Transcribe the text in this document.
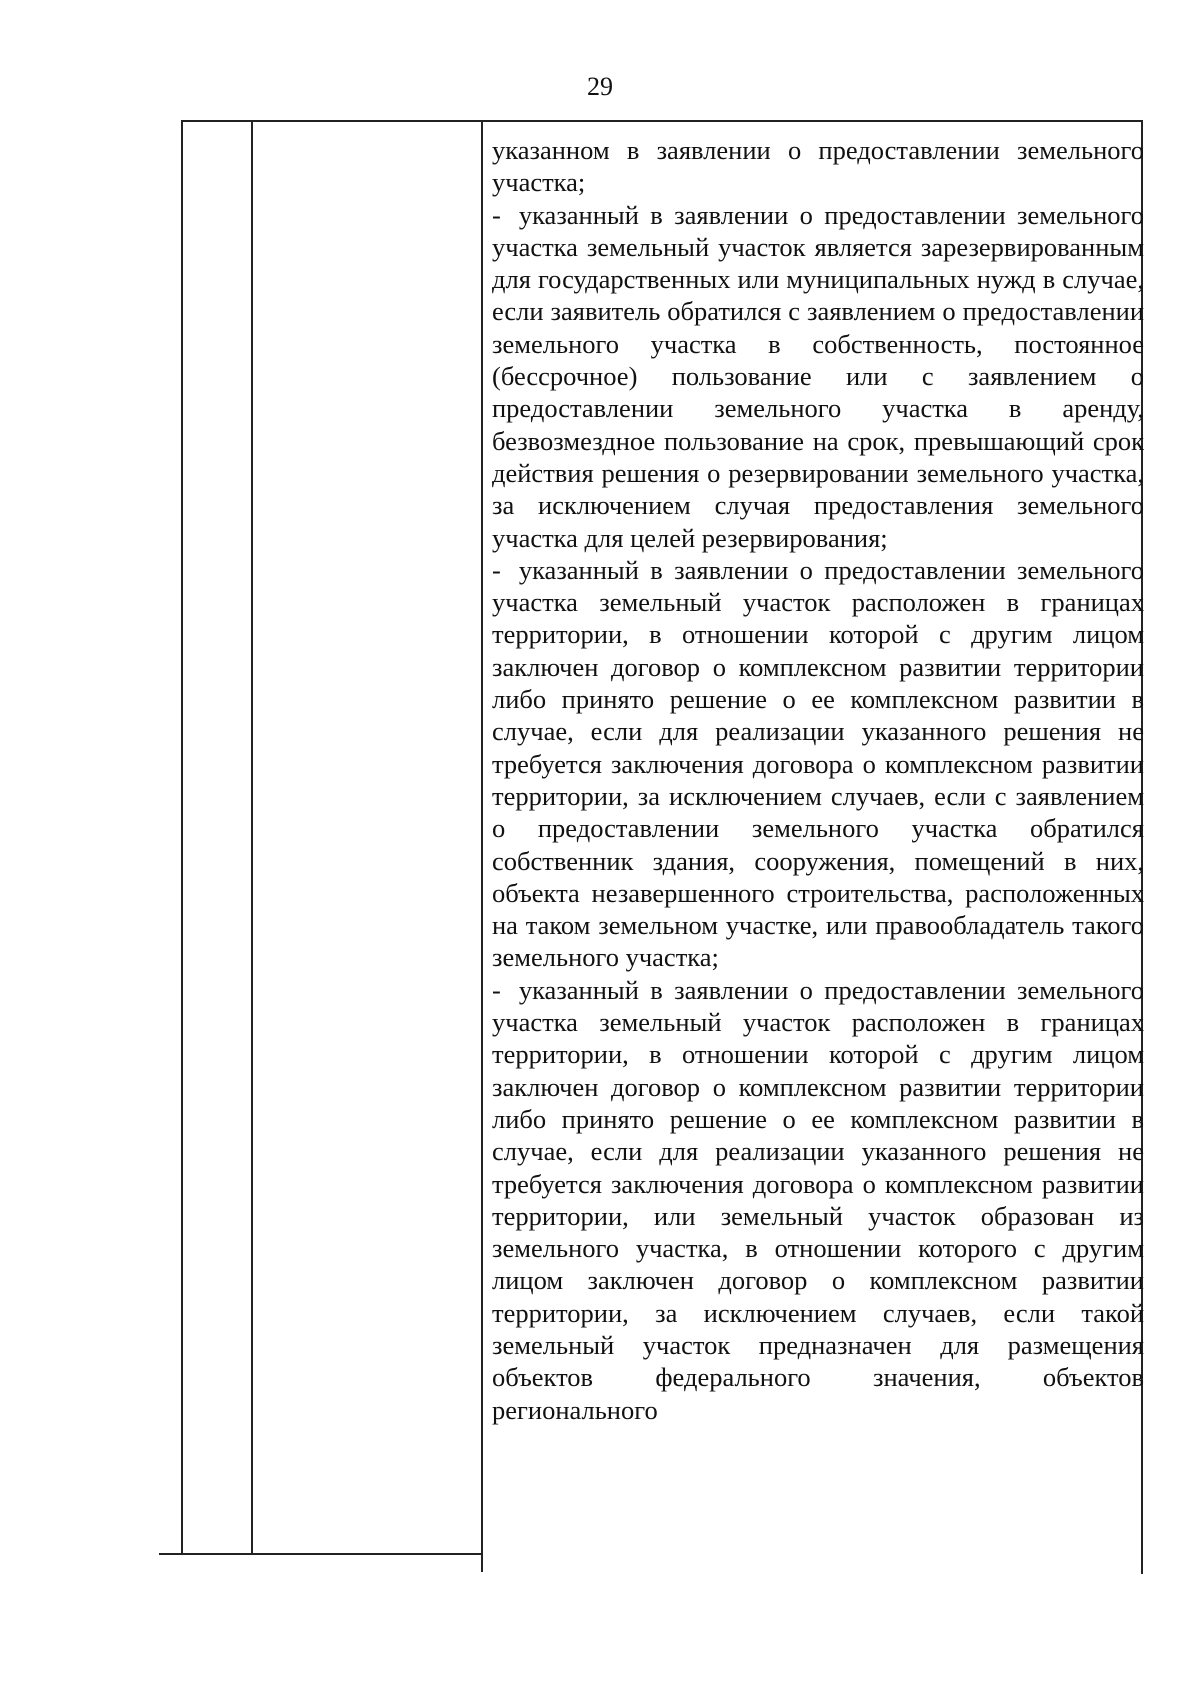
29

указанном в заявлении о предоставлении земельного участка;

- указанный в заявлении о предоставлении земельного участка земельный участок является зарезервированным для государственных или муниципальных нужд в случае, если заявитель обратился с заявлением о предоставлении земельного участка в собственность, постоянное (бессрочное) пользование или с заявлением о предоставлении земельного участка в аренду, безвозмездное пользование на срок, превышающий срок действия решения о резервировании земельного участка, за исключением случая предоставления земельного участка для целей резервирования;

- указанный в заявлении о предоставлении земельного участка земельный участок расположен в границах территории, в отношении которой с другим лицом заключен договор о комплексном развитии территории либо принято решение о ее комплексном развитии в случае, если для реализации указанного решения не требуется заключения договора о комплексном развитии территории, за исключением случаев, если с заявлением о предоставлении земельного участка обратился собственник здания, сооружения, помещений в них, объекта незавершенного строительства, расположенных на таком земельном участке, или правообладатель такого земельного участка;

- указанный в заявлении о предоставлении земельного участка земельный участок расположен в границах территории, в отношении которой с другим лицом заключен договор о комплексном развитии территории либо принято решение о ее комплексном развитии в случае, если для реализации указанного решения не требуется заключения договора о комплексном развитии территории, или земельный участок образован из земельного участка, в отношении которого с другим лицом заключен договор о комплексном развитии территории, за исключением случаев, если такой земельный участок предназначен для размещения объектов федерального значения, объектов регионального
